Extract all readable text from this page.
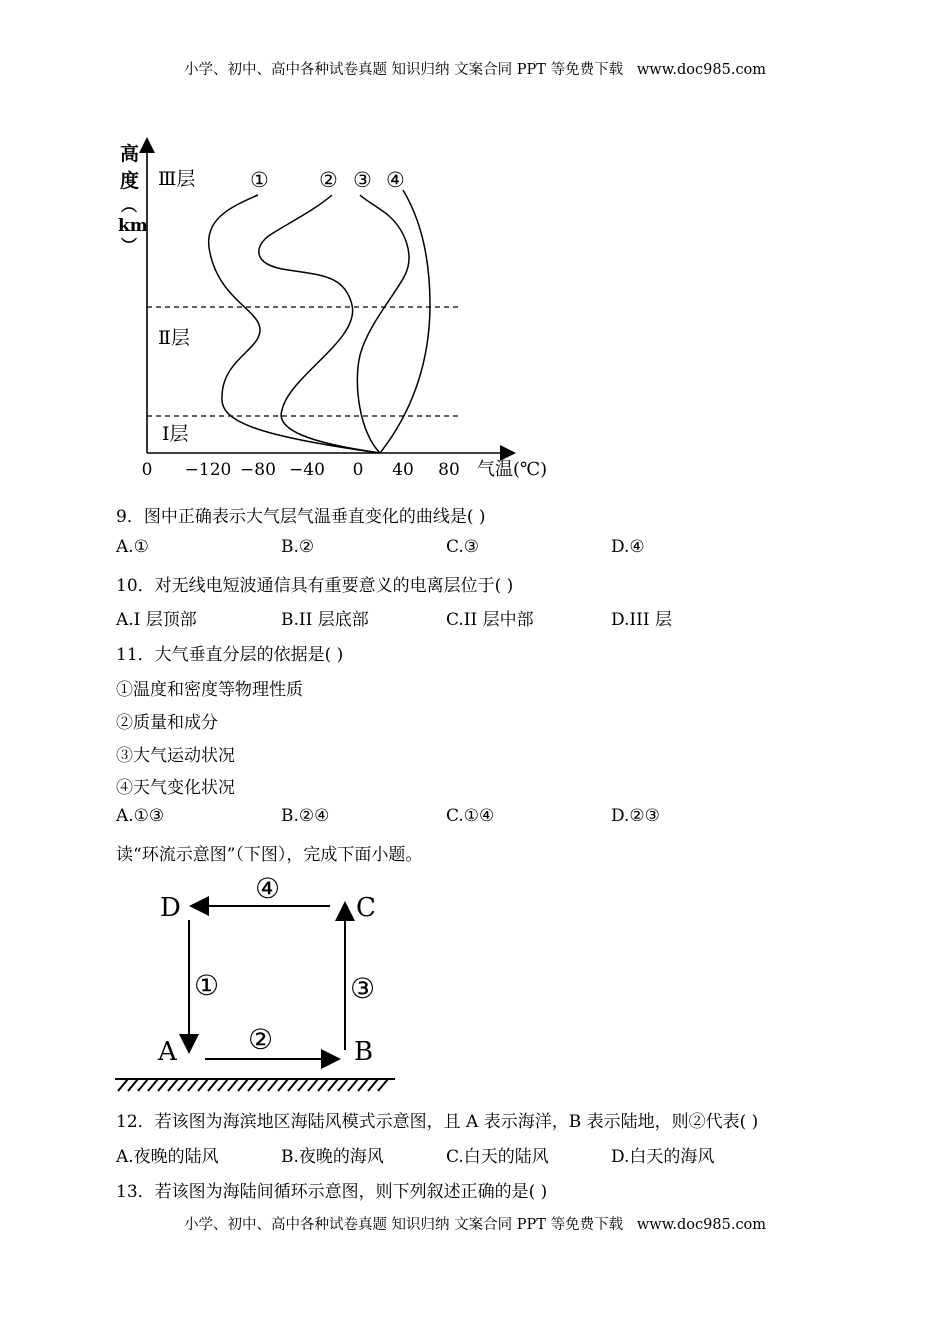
小学、初中、高中各种试卷真题 知识归纳 文案合同 PPT 等免费下载   www.doc985.com
高
度
（
km
）
Ⅲ层
Ⅱ层
Ⅰ层
① ② ③ ④
0 −120 −80 −40 0 40 80 气温(℃)
9．图中正确表示大气层气温垂直变化的曲线是( )
A.①	B.②	C.③	D.④
10．对无线电短波通信具有重要意义的电离层位于( )
A.I 层顶部	B.II 层底部	C.II 层中部	D.III 层
11．大气垂直分层的依据是( )
①温度和密度等物理性质
②质量和成分
③大气运动状况
④天气变化状况
A.①③	B.②④	C.①④	D.②③
读“环流示意图”（下图），完成下面小题。
D	C
A	B
①
②
③
④
12．若该图为海滨地区海陆风模式示意图，且 A 表示海洋，B 表示陆地，则②代表( )
A.夜晚的陆风	B.夜晚的海风	C.白天的陆风	D.白天的海风
13．若该图为海陆间循环示意图，则下列叙述正确的是( )
小学、初中、高中各种试卷真题 知识归纳 文案合同 PPT 等免费下载   www.doc985.com
